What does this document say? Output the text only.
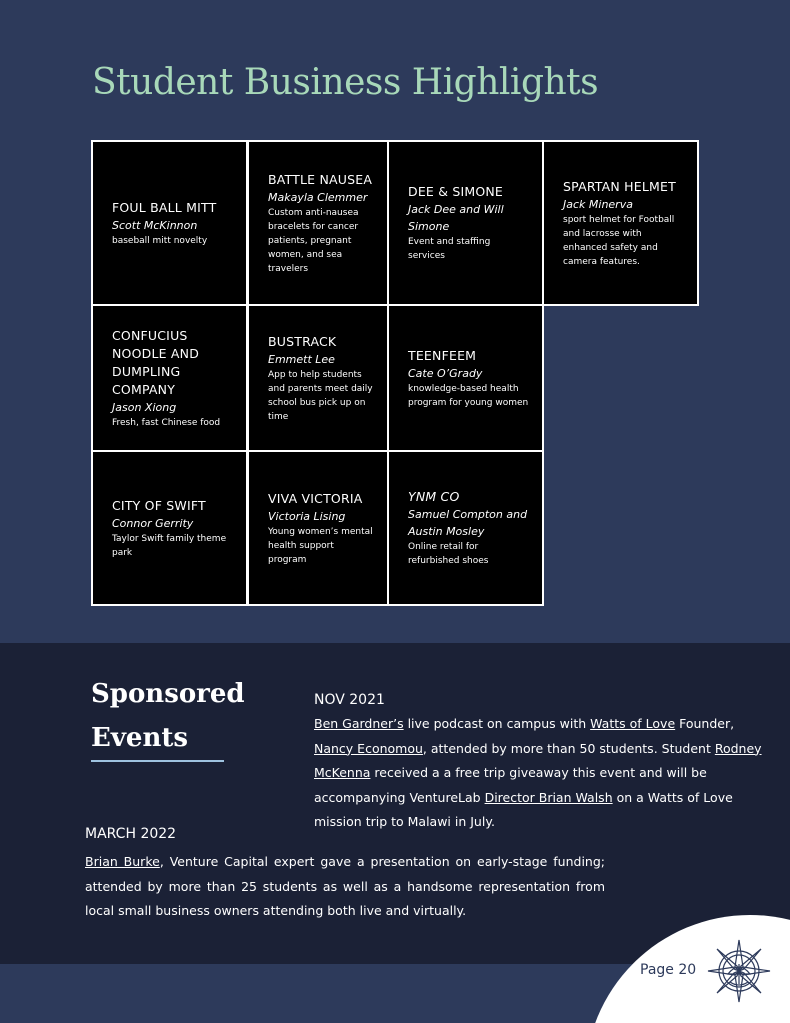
Student Business Highlights
FOUL BALL MITT
Scott McKinnon
baseball mitt novelty
BATTLE NAUSEA
Makayla Clemmer
Custom anti-nausea bracelets for cancer patients, pregnant women, and sea travelers
DEE & SIMONE
Jack Dee and Will Simone
Event and staffing services
SPARTAN HELMET
Jack Minerva
sport helmet for Football and lacrosse with enhanced safety and camera features.
CONFUCIUS NOODLE AND DUMPLING COMPANY
Jason Xiong
Fresh, fast Chinese food
BUSTRACK
Emmett Lee
App to help students and parents meet daily school bus pick up on time
TEENFEEM
Cate O’Grady
knowledge-based health program for young women
CITY OF SWIFT
Connor Gerrity
Taylor Swift family theme park
VIVA VICTORIA
Victoria Lising
Young women’s mental health support program
YNM CO
Samuel Compton and Austin Mosley
Online retail for refurbished shoes
Sponsored Events
NOV 2021

Ben Gardner’s live podcast on campus with Watts of Love Founder, Nancy Economou, attended by more than 50 students. Student Rodney McKenna received a a free trip giveaway this event and will be accompanying VentureLab Director Brian Walsh on a Watts of Love mission trip to Malawi in July.

MARCH 2022

Brian Burke, Venture Capital expert gave a presentation on early-stage funding; attended by more than 25 students as well as a handsome representation from local small business owners attending both live and virtually.

Page 20
